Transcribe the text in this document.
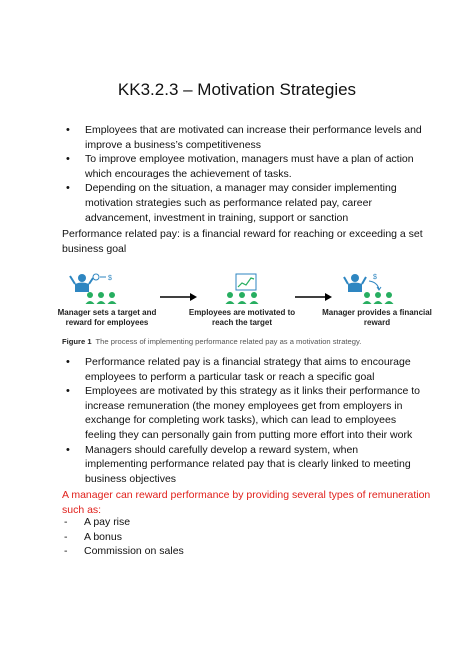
KK3.2.3 – Motivation Strategies
• Employees that are motivated can increase their performance levels and improve a business’s competitiveness
• To improve employee motivation, managers must have a plan of action which encourages the achievement of tasks.
• Depending on the situation, a manager may consider implementing motivation strategies such as performance related pay, career advancement, investment in training, support or sanction

Performance related pay: is a financial reward for reaching or exceeding a set business goal

$
Manager sets a target and reward for employees
Employees are motivated to reach the target
$
Manager provides a financial reward
Figure 1 The process of implementing performance related pay as a motivation strategy.
• Performance related pay is a financial strategy that aims to encourage employees to perform a particular task or reach a specific goal
• Employees are motivated by this strategy as it links their performance to increase remuneration (the money employees get from employers in exchange for completing work tasks), which can lead to employees feeling they can personally gain from putting more effort into their work
• Managers should carefully develop a reward system, when implementing performance related pay that is clearly linked to meeting business objectives

A manager can reward performance by providing several types of remuneration such as:

- A pay rise
- A bonus
- Commission on sales
